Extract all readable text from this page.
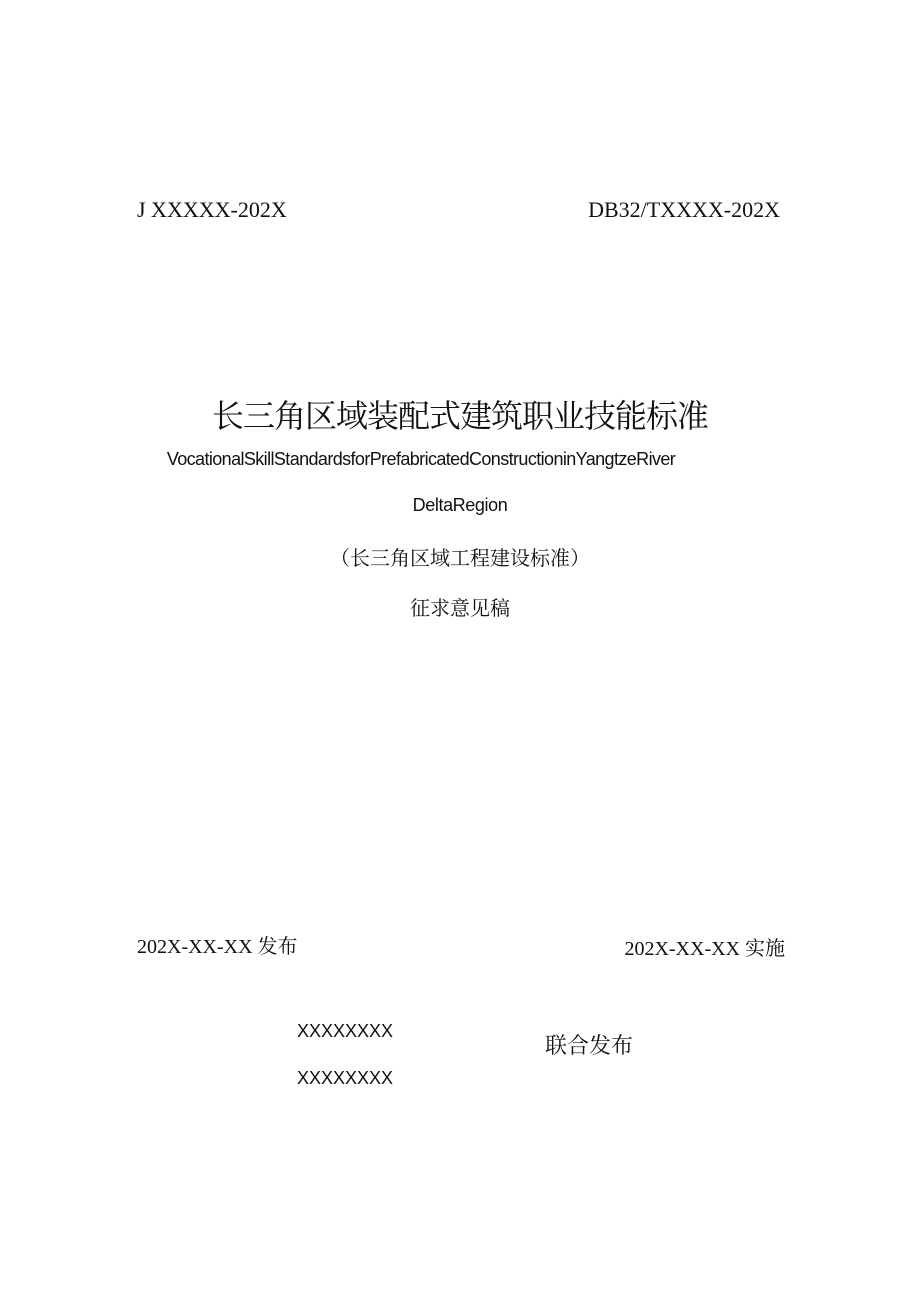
J XXXXX-202X	DB32/TXXXX-202X
长三角区域装配式建筑职业技能标准
VocationalSkillStandardsforPrefabricatedConstructioninYangtzeRiver
DeltaRegion
（长三角区域工程建设标准）
征求意见稿
202X-XX-XX 发布	202X-XX-XX 实施
XXXXXXXX
XXXXXXXX
联合发布
